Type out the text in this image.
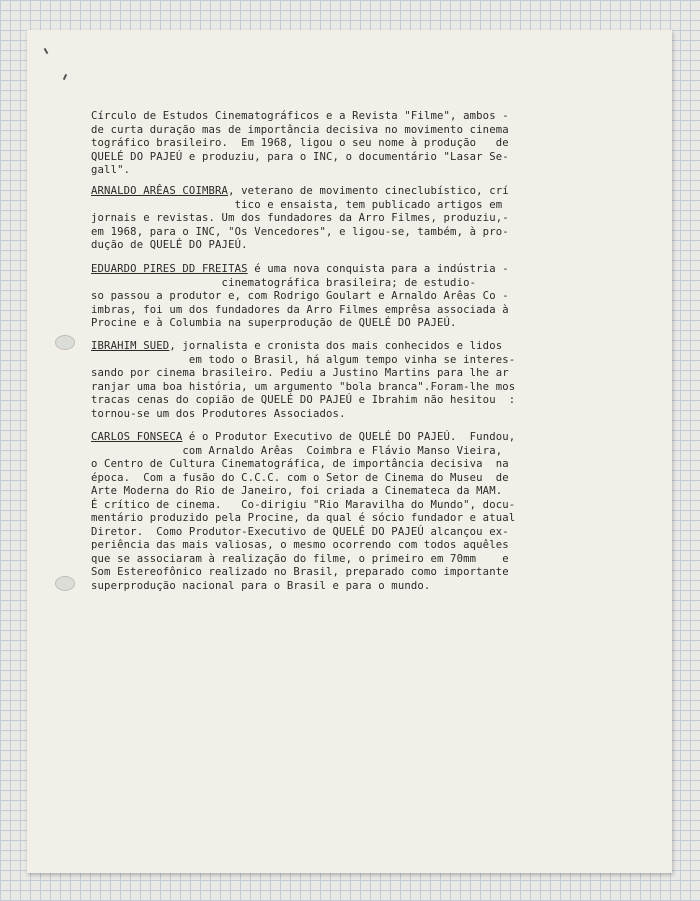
Círculo de Estudos Cinematográficos e a Revista "Filme", ambos -
de curta duração mas de importância decisiva no movimento cinema
tográfico brasileiro.  Em 1968, ligou o seu nome à produção   de
QUELÉ DO PAJEÚ e produziu, para o INC, o documentário "Lasar Se-
gall".
ARNALDO ARÊAS COIMBRA, veterano de movimento cineclubístico, crí
tico e ensaista, tem publicado artigos em
jornais e revistas. Um dos fundadores da Arro Filmes, produziu,-
em 1968, para o INC, "Os Vencedores", e ligou-se, também, à pro-
dução de QUELÉ DO PAJEÚ.
EDUARDO PIRES DD FREITAS é uma nova conquista para a indústria -
cinematográfica brasileira; de estudio-
so passou a produtor e, com Rodrigo Goulart e Arnaldo Arêas Co -
imbras, foi um dos fundadores da Arro Filmes emprêsa associada à
Procine e à Columbia na superprodução de QUELÉ DO PAJEÚ.
IBRAHIM SUED, jornalista e cronista dos mais conhecidos e lidos
em todo o Brasil, há algum tempo vinha se interes-
sando por cinema brasileiro. Pediu a Justino Martins para lhe ar
ranjar uma boa história, um argumento "bola branca".Foram-lhe mos
tracas cenas do copião de QUELÉ DO PAJEÚ e Ibrahim não hesitou  :
tornou-se um dos Produtores Associados.
CARLOS FONSECA é o Produtor Executivo de QUELÉ DO PAJEÚ.  Fundou,
com Arnaldo Arêas  Coimbra e Flávio Manso Vieira,
o Centro de Cultura Cinematográfica, de importância decisiva  na
época.  Com a fusão do C.C.C. com o Setor de Cinema do Museu  de
Arte Moderna do Rio de Janeiro, foi criada a Cinemateca da MAM.
É crítico de cinema.   Co-dirigiu "Rio Maravilha do Mundo", docu-
mentário produzido pela Procine, da qual é sócio fundador e atual
Diretor.  Como Produtor-Executivo de QUELÉ DO PAJEÚ alcançou ex-
periência das mais valiosas, o mesmo ocorrendo com todos aquêles
que se associaram à realização do filme, o primeiro em 70mm    e
Som Estereofônico realizado no Brasil, preparado como importante
superprodução nacional para o Brasil e para o mundo.
